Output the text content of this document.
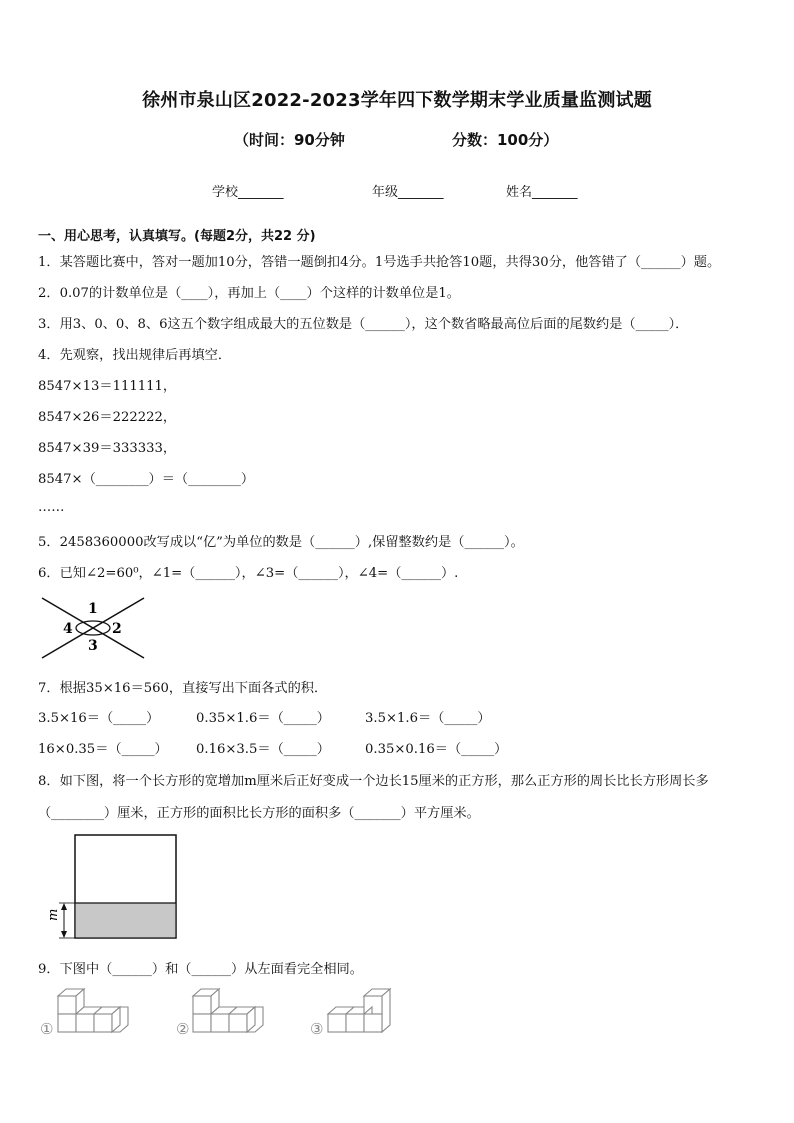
徐州市泉山区2022-2023学年四下数学期末学业质量监测试题
（时间：90分钟	分数：100分）
学校_______	年级_______	姓名_______
一、用心思考，认真填写。(每题2分，共22 分)
1．某答题比赛中，答对一题加10分，答错一题倒扣4分。1号选手共抢答10题，共得30分，他答错了（______）题。
2．0.07的计数单位是（____），再加上（____）个这样的计数单位是1。
3．用3、0、0、8、6这五个数字组成最大的五位数是（______），这个数省略最高位后面的尾数约是（_____）．
4．先观察，找出规律后再填空．
8547×13＝111111，
8547×26＝222222，
8547×39＝333333，
8547×（________）＝（________）
……
5．2458360000改写成以“亿”为单位的数是（______）,保留整数约是（______）。
6．已知∠2=60⁰，∠1=（______），∠3=（______），∠4=（______）.
1
2
3
4
7．根据35×16＝560，直接写出下面各式的积．
3.5×16＝（_____）	0.35×1.6＝（_____）	3.5×1.6＝（_____）
16×0.35＝（_____） 0.16×3.5＝（_____）	0.35×0.16＝（_____）
8．如下图，将一个长方形的宽增加m厘米后正好变成一个边长15厘米的正方形，那么正方形的周长比长方形周长多
（________）厘米，正方形的面积比长方形的面积多（_______）平方厘米。
m
9．下图中（______）和（______）从左面看完全相同。
①	②	③
